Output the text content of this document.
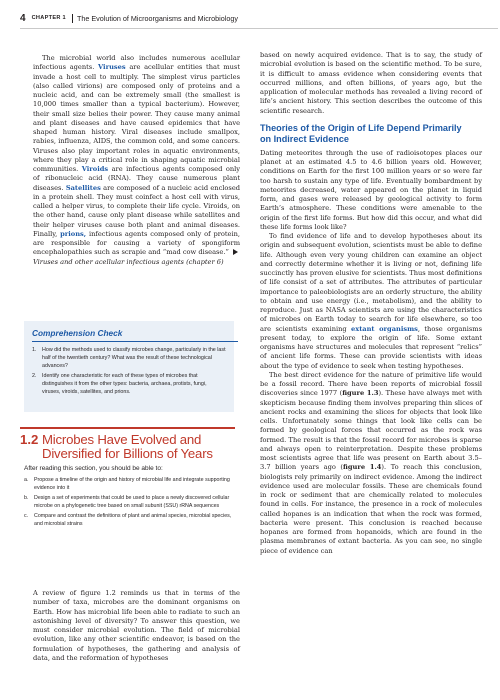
4 CHAPTER 1 The Evolution of Microorganisms and Microbiology

The microbial world also includes numerous acellular infectious agents. Viruses are acellular entities that must invade a host cell to multiply. The simplest virus particles (also called virions) are composed only of proteins and a nucleic acid, and can be extremely small (the smallest is 10,000 times smaller than a typical bacterium). However, their small size belies their power. They cause many animal and plant diseases and have caused epidemics that have shaped human history. Viral diseases include smallpox, rabies, influenza, AIDS, the common cold, and some cancers. Viruses also play important roles in aquatic environments, where they play a critical role in shaping aquatic microbial communities. Viroids are infectious agents composed only of ribonucleic acid (RNA). They cause numerous plant diseases. Satellites are composed of a nucleic acid enclosed in a protein shell. They must coinfect a host cell with virus, called a helper virus, to complete their life cycle. Viroids, on the other hand, cause only plant disease while satellites and their helper viruses cause both plant and animal diseases. Finally, prions, infectious agents composed only of protein, are responsible for causing a variety of spongiform encephalopathies such as scrapie and “mad cow disease.” Viruses and other acellular infectious agents (chapter 6)

Comprehension Check
1.	How did the methods used to classify microbes change, particularly in the last half of the twentieth century? What was the result of these technological advances?
2.	Identify one characteristic for each of these types of microbes that distinguishes it from the other types: bacteria, archaea, protists, fungi, viruses, viroids, satellites, and prions.
1.2 Microbes Have Evolved and Diversified for Billions of Years
After reading this section, you should be able to:
a.	Propose a timeline of the origin and history of microbial life and integrate supporting evidence into it
b.	Design a set of experiments that could be used to place a newly discovered cellular microbe on a phylogenetic tree based on small subunit (SSU) rRNA sequences
c.	Compare and contrast the definitions of plant and animal species, microbial species, and microbial strains

A review of figure 1.2 reminds us that in terms of the number of taxa, microbes are the dominant organisms on Earth. How has microbial life been able to radiate to such an astonishing level of diversity? To answer this question, we must consider microbial evolution. The field of microbial evolution, like any other scientific endeavor, is based on the formulation of hypotheses, the gathering and analysis of data, and the reformation of hypotheses

based on newly acquired evidence. That is to say, the study of microbial evolution is based on the scientific method. To be sure, it is difficult to amass evidence when considering events that occurred millions, and often billions, of years ago, but the application of molecular methods has revealed a living record of life’s ancient history. This section describes the outcome of this scientific research.

Theories of the Origin of Life Depend Primarily on Indirect Evidence

Dating meteorites through the use of radioisotopes places our planet at an estimated 4.5 to 4.6 billion years old. However, conditions on Earth for the first 100 million years or so were far too harsh to sustain any type of life. Eventually bombardment by meteorites decreased, water appeared on the planet in liquid form, and gases were released by geological activity to form Earth’s atmosphere. These conditions were amenable to the origin of the first life forms. But how did this occur, and what did these life forms look like?

To find evidence of life and to develop hypotheses about its origin and subsequent evolution, scientists must be able to define life. Although even very young children can examine an object and correctly determine whether it is living or not, defining life succinctly has proven elusive for scientists. Thus most definitions of life consist of a set of attributes. The attributes of particular importance to paleobiologists are an orderly structure, the ability to obtain and use energy (i.e., metabolism), and the ability to reproduce. Just as NASA scientists are using the characteristics of microbes on Earth today to search for life elsewhere, so too are scientists examining extant organisms, those organisms present today, to explore the origin of life. Some extant organisms have structures and molecules that represent “relics” of ancient life forms. These can provide scientists with ideas about the type of evidence to seek when testing hypotheses.

The best direct evidence for the nature of primitive life would be a fossil record. There have been reports of microbial fossil discoveries since 1977 (figure 1.3). These have always met with skepticism because finding them involves preparing thin slices of ancient rocks and examining the slices for objects that look like cells. Unfortunately some things that look like cells can be formed by geological forces that occurred as the rock was formed. The result is that the fossil record for microbes is sparse and always open to reinterpretation. Despite these problems most scientists agree that life was present on Earth about 3.5–3.7 billion years ago (figure 1.4). To reach this conclusion, biologists rely primarily on indirect evidence. Among the indirect evidence used are molecular fossils. These are chemicals found in rock or sediment that are chemically related to molecules found in cells. For instance, the presence in a rock of molecules called hopanes is an indication that when the rock was formed, bacteria were present. This conclusion is reached because hopanes are formed from hopanoids, which are found in the plasma membranes of extant bacteria. As you can see, no single piece of evidence can
